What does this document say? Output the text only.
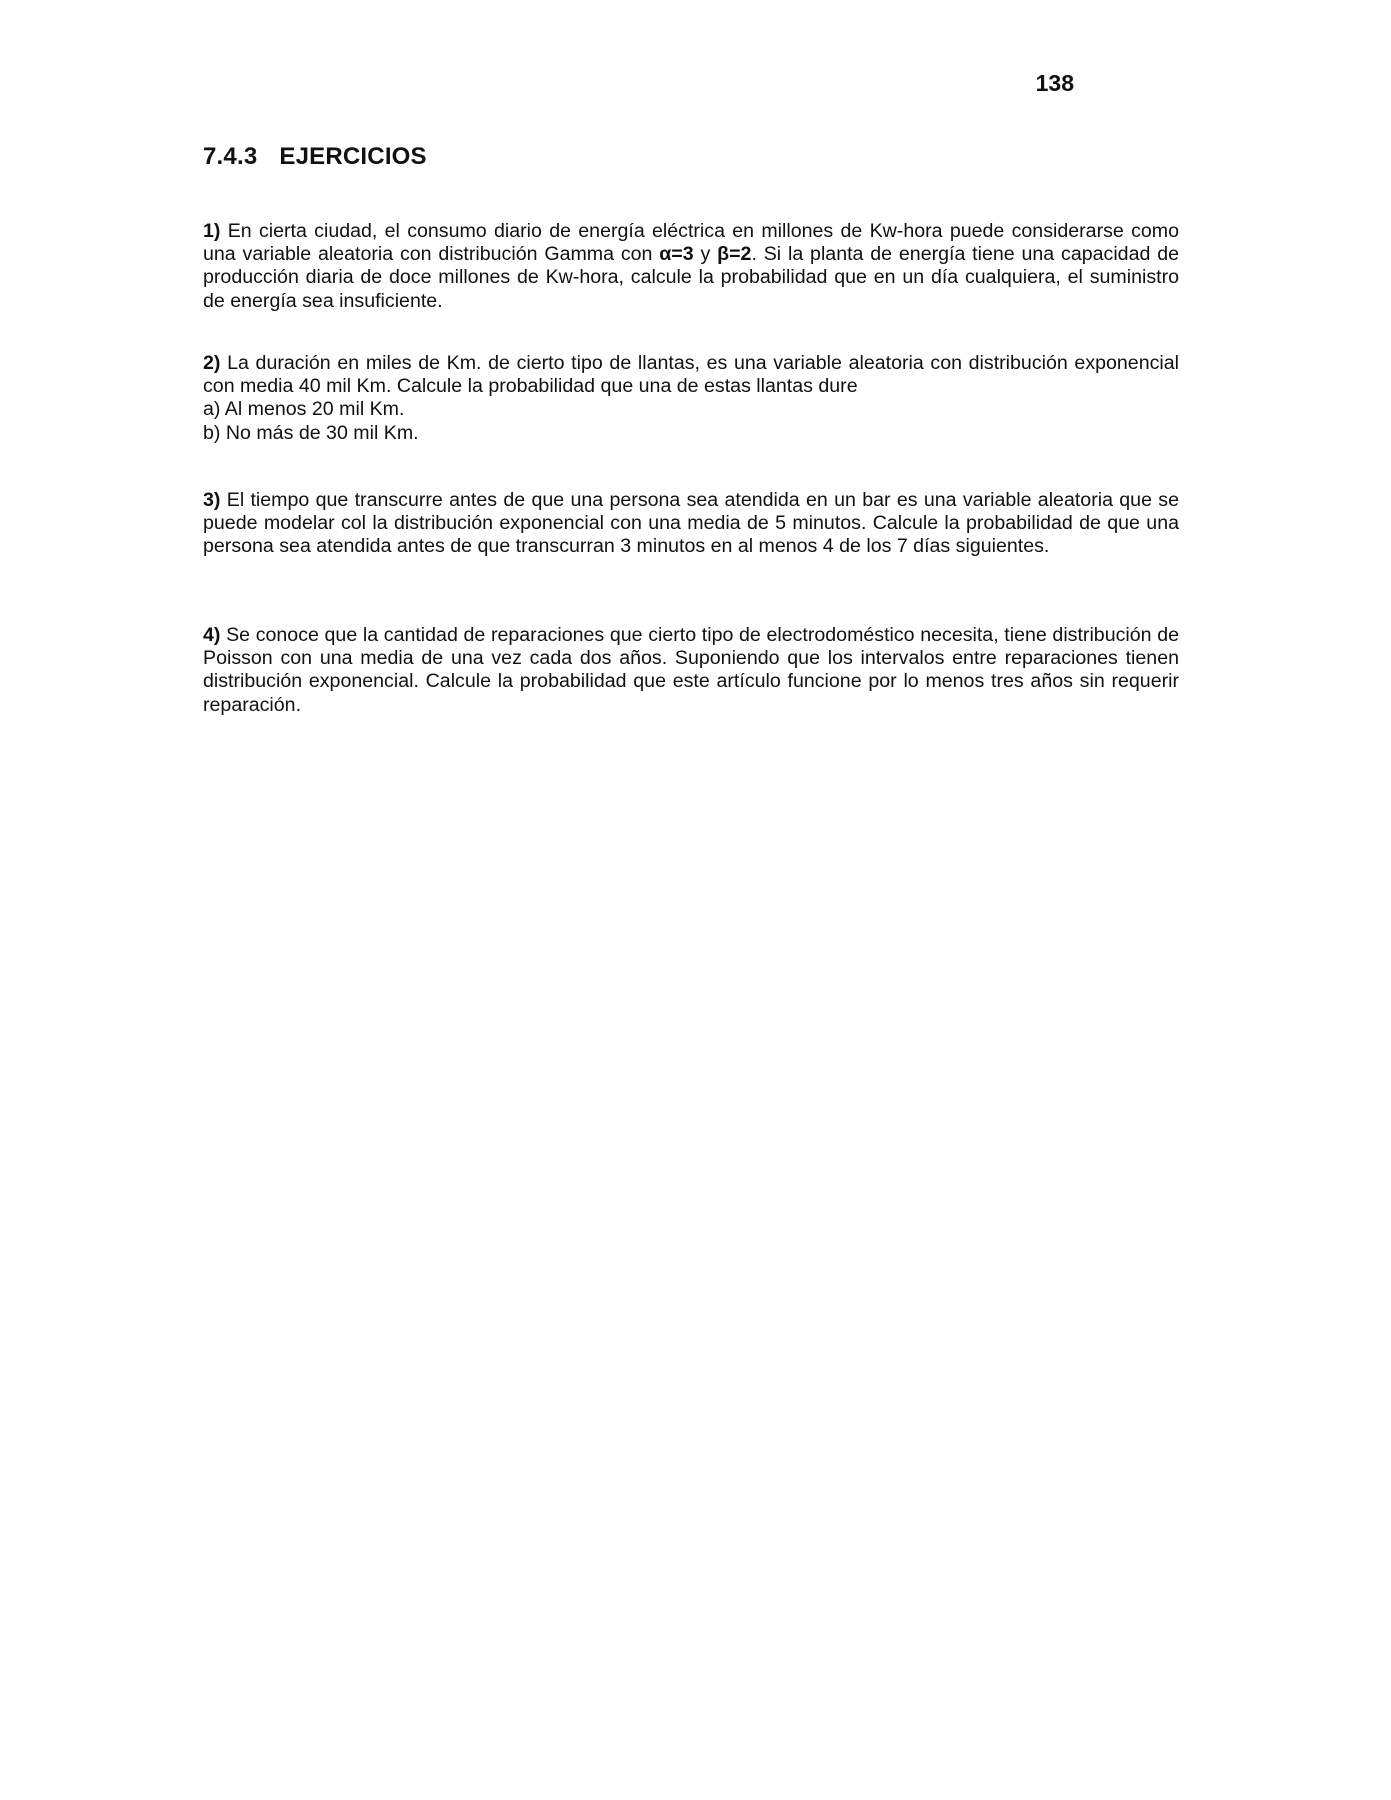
138
7.4.3 EJERCICIOS

1) En cierta ciudad, el consumo diario de energía eléctrica en millones de Kw-hora puede considerarse como una variable aleatoria con distribución Gamma con α=3 y β=2. Si la planta de energía tiene una capacidad de producción diaria de doce millones de Kw-hora, calcule la probabilidad que en un día cualquiera, el suministro de energía sea insuficiente.

2) La duración en miles de Km. de cierto tipo de llantas, es una variable aleatoria con distribución exponencial con media 40 mil Km. Calcule la probabilidad que una de estas llantas dure

a) Al menos 20 mil Km.
b) No más de 30 mil Km.

3) El tiempo que transcurre antes de que una persona sea atendida en un bar es una variable aleatoria que se puede modelar col la distribución exponencial con una media de 5 minutos. Calcule la probabilidad de que una persona sea atendida antes de que transcurran 3 minutos en al menos 4 de los 7 días siguientes.

4) Se conoce que la cantidad de reparaciones que cierto tipo de electrodoméstico necesita, tiene distribución de Poisson con una media de una vez cada dos años. Suponiendo que los intervalos entre reparaciones tienen distribución exponencial. Calcule la probabilidad que este artículo funcione por lo menos tres años sin requerir reparación.
